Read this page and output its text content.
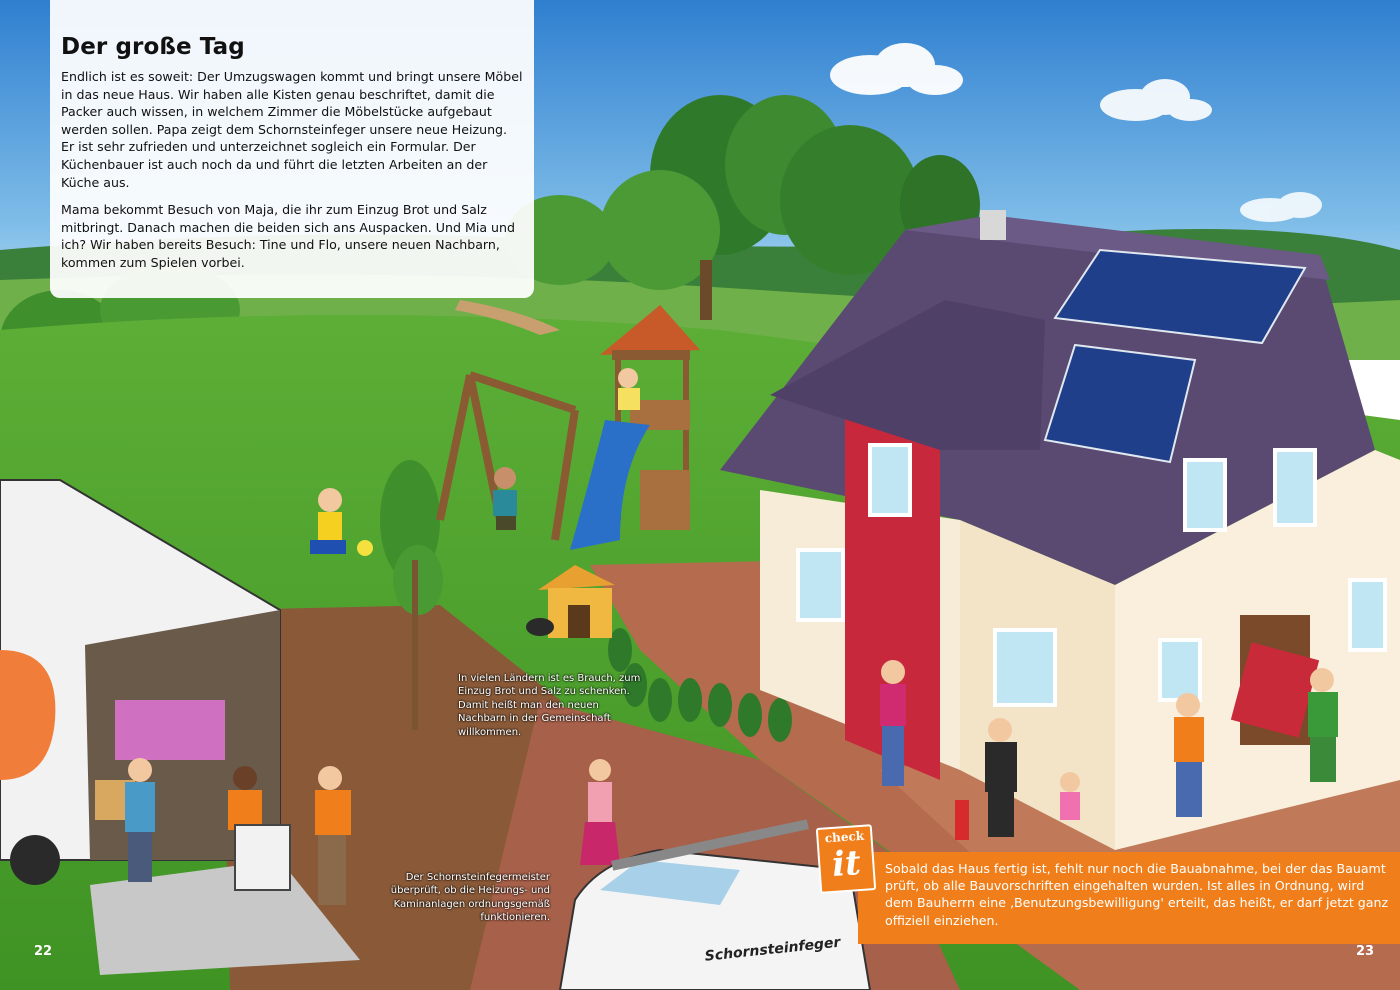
Schornsteinfeger
Der große Tag

Endlich ist es soweit: Der Umzugswagen kommt und bringt unsere Möbel in das neue Haus. Wir haben alle Kisten genau beschriftet, damit die Packer auch wissen, in welchem Zimmer die Möbelstücke aufgebaut werden sollen. Papa zeigt dem Schornsteinfeger unsere neue Heizung. Er ist sehr zufrieden und unterzeichnet sogleich ein Formular. Der Küchenbauer ist auch noch da und führt die letzten Arbeiten an der Küche aus.

Mama bekommt Besuch von Maja, die ihr zum Einzug Brot und Salz mitbringt. Danach machen die beiden sich ans Auspacken. Und Mia und ich? Wir haben bereits Besuch: Tine und Flo, unsere neuen Nachbarn, kommen zum Spielen vorbei.

In vielen Ländern ist es Brauch, zum Einzug Brot und Salz zu schenken. Damit heißt man den neuen Nachbarn in der Gemeinschaft willkommen.
Der Schornsteinfegermeister überprüft, ob die Heizungs- und Kaminanlagen ordnungsgemäß funktionieren.
Sobald das Haus fertig ist, fehlt nur noch die Bauabnahme, bei der das Bauamt prüft, ob alle Bauvorschriften eingehalten wurden. Ist alles in Ordnung, wird dem Bauherrn eine ‚Benutzungsbewilligung' erteilt, das heißt, er darf jetzt ganz offiziell einziehen.
check
it
22	23
